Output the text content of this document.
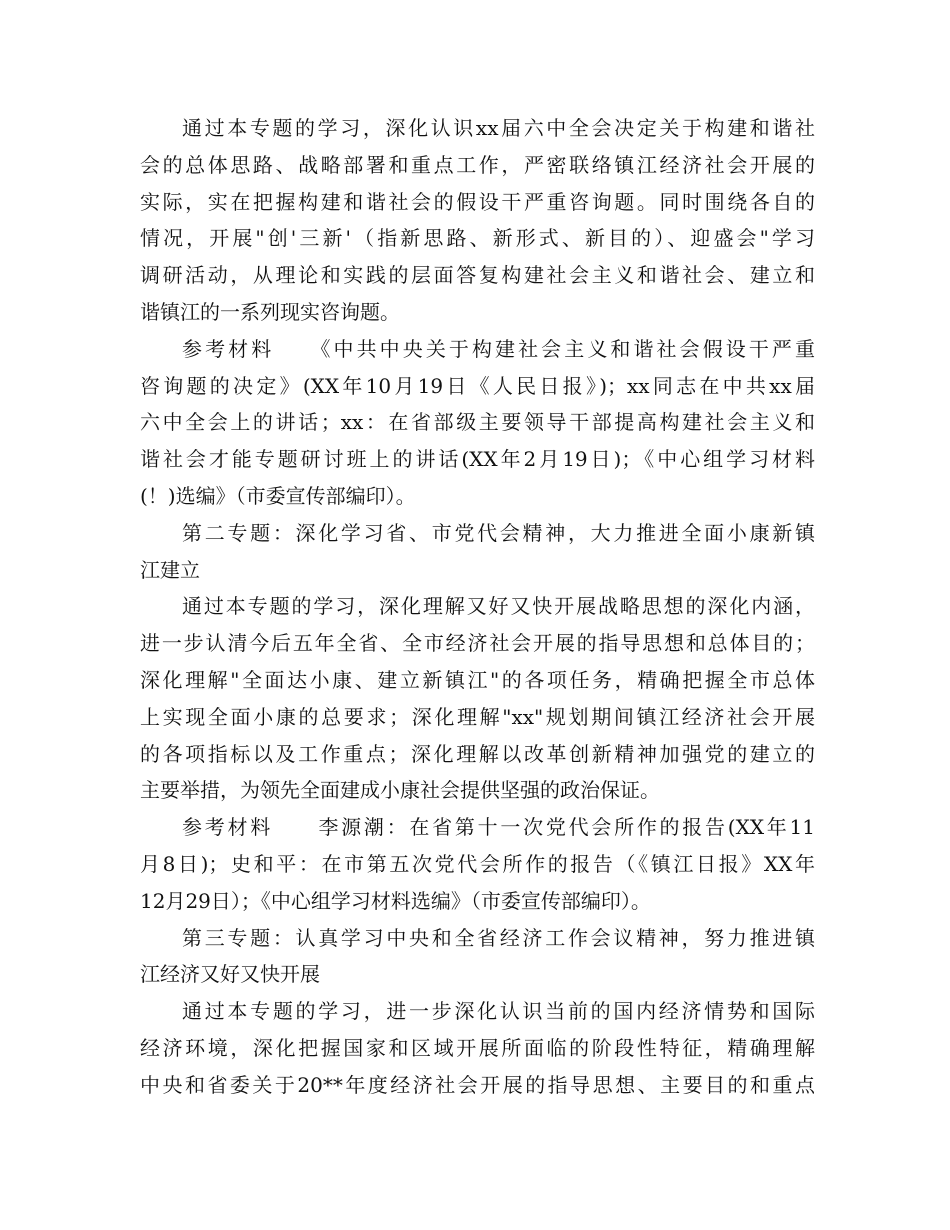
通过本专题的学习，深化认识xx届六中全会决定关于构建和谐社
会的总体思路、战略部署和重点工作，严密联络镇江经济社会开展的
实际，实在把握构建和谐社会的假设干严重咨询题。同时围绕各自的
情况，开展"创'三新'（指新思路、新形式、新目的）、迎盛会"学习
调研活动，从理论和实践的层面答复构建社会主义和谐社会、建立和
谐镇江的一系列现实咨询题。
参考材料　　《中共中央关于构建社会主义和谐社会假设干严重
咨询题的决定》(XX年10月19日《人民日报》)；xx同志在中共xx届
六中全会上的讲话；xx：在省部级主要领导干部提高构建社会主义和
谐社会才能专题研讨班上的讲话(XX年2月19日)；《中心组学习材料
(！)选编》（市委宣传部编印）。
第二专题：深化学习省、市党代会精神，大力推进全面小康新镇
江建立
通过本专题的学习，深化理解又好又快开展战略思想的深化内涵，
进一步认清今后五年全省、全市经济社会开展的指导思想和总体目的；
深化理解"全面达小康、建立新镇江"的各项任务，精确把握全市总体
上实现全面小康的总要求；深化理解"xx"规划期间镇江经济社会开展
的各项指标以及工作重点；深化理解以改革创新精神加强党的建立的
主要举措，为领先全面建成小康社会提供坚强的政治保证。
参考材料　　李源潮：在省第十一次党代会所作的报告(XX年11
月8日)；史和平：在市第五次党代会所作的报告（《镇江日报》XX年
12月29日）；《中心组学习材料选编》（市委宣传部编印）。
第三专题：认真学习中央和全省经济工作会议精神，努力推进镇
江经济又好又快开展
通过本专题的学习，进一步深化认识当前的国内经济情势和国际
经济环境，深化把握国家和区域开展所面临的阶段性特征，精确理解
中央和省委关于20**年度经济社会开展的指导思想、主要目的和重点
